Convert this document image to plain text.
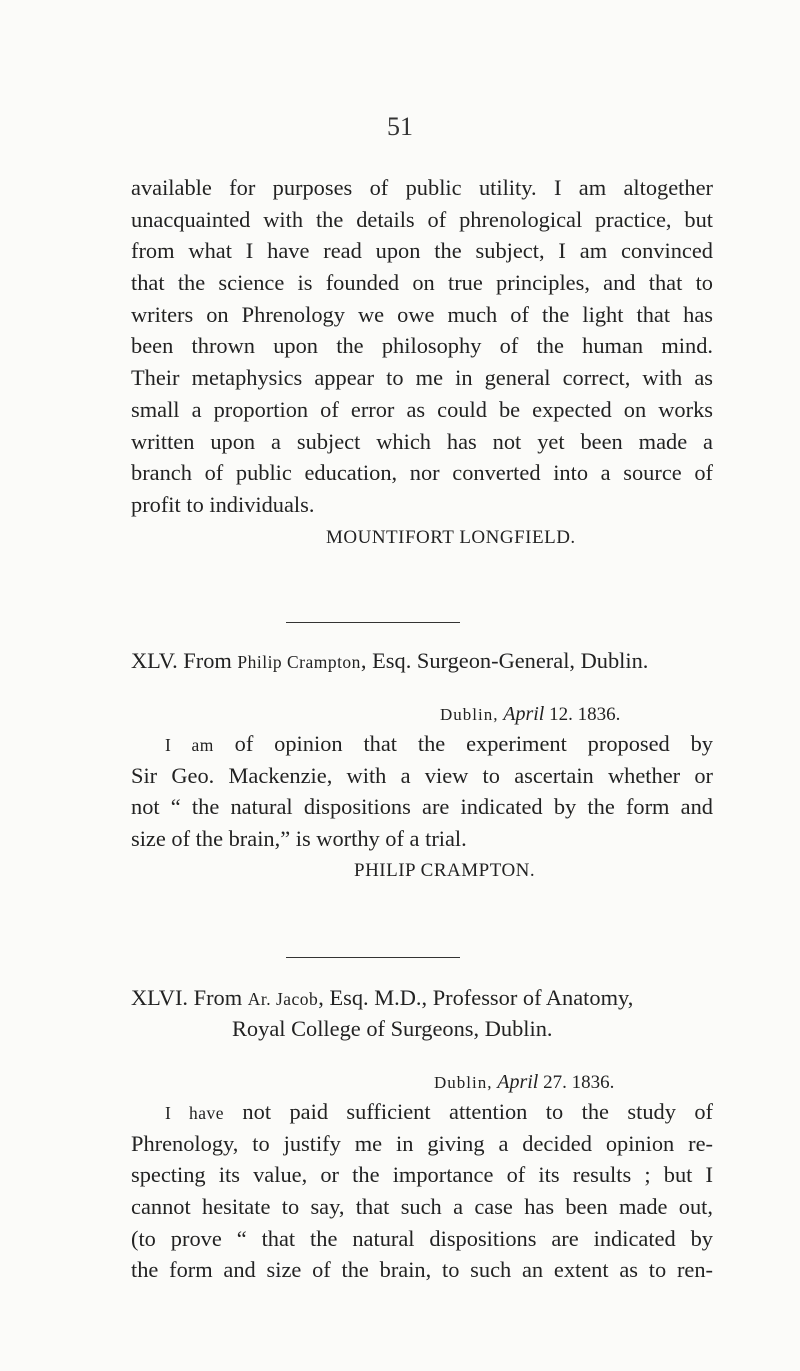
51
available for purposes of public utility. I am altogether
unacquainted with the details of phrenological practice, but
from what I have read upon the subject, I am convinced
that the science is founded on true principles, and that to
writers on Phrenology we owe much of the light that has
been thrown upon the philosophy of the human mind.
Their metaphysics appear to me in general correct, with as
small a proportion of error as could be expected on works
written upon a subject which has not yet been made a
branch of public education, nor converted into a source of
profit to individuals.
MOUNTIFORT LONGFIELD.
XLV. From Philip Crampton, Esq. Surgeon-General, Dublin.
Dublin, April 12. 1836.
I am of opinion that the experiment proposed by
Sir Geo. Mackenzie, with a view to ascertain whether or
not “ the natural dispositions are indicated by the form and
size of the brain,” is worthy of a trial.
PHILIP CRAMPTON.
XLVI. From Ar. Jacob, Esq. M.D., Professor of Anatomy,
Royal College of Surgeons, Dublin.
Dublin, April 27. 1836.
I have not paid sufficient attention to the study of
Phrenology, to justify me in giving a decided opinion re-
specting its value, or the importance of its results ; but I
cannot hesitate to say, that such a case has been made out,
(to prove “ that the natural dispositions are indicated by
the form and size of the brain, to such an extent as to ren-
